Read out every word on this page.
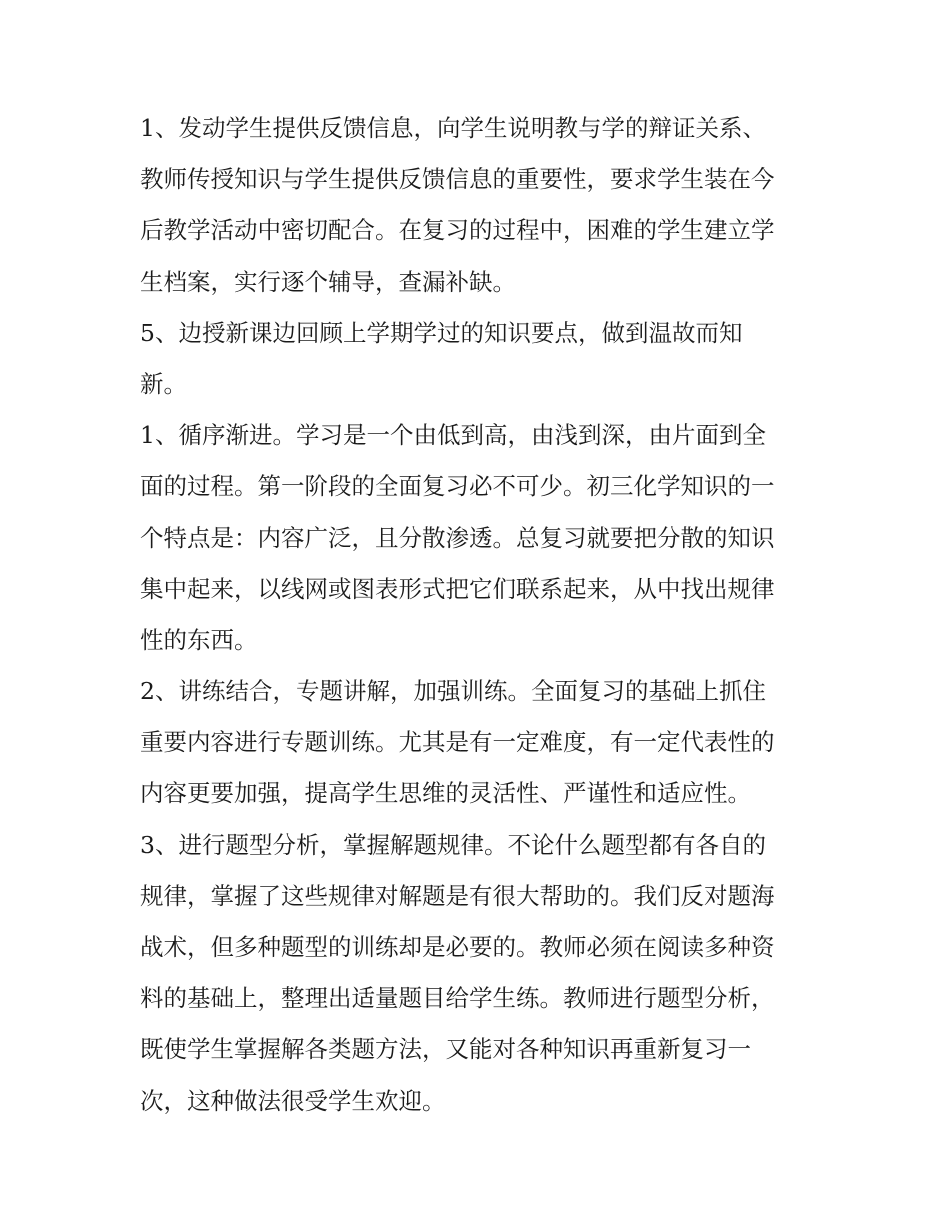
1、发动学生提供反馈信息，向学生说明教与学的辩证关系、
教师传授知识与学生提供反馈信息的重要性，要求学生装在今
后教学活动中密切配合。在复习的过程中，困难的学生建立学
生档案，实行逐个辅导，查漏补缺。

5、边授新课边回顾上学期学过的知识要点，做到温故而知
新。

1、循序渐进。学习是一个由低到高，由浅到深，由片面到全
面的过程。第一阶段的全面复习必不可少。初三化学知识的一
个特点是：内容广泛，且分散渗透。总复习就要把分散的知识
集中起来，以线网或图表形式把它们联系起来，从中找出规律
性的东西。

2、讲练结合，专题讲解，加强训练。全面复习的基础上抓住
重要内容进行专题训练。尤其是有一定难度，有一定代表性的
内容更要加强，提高学生思维的灵活性、严谨性和适应性。

3、进行题型分析，掌握解题规律。不论什么题型都有各自的
规律，掌握了这些规律对解题是有很大帮助的。我们反对题海
战术，但多种题型的训练却是必要的。教师必须在阅读多种资
料的基础上，整理出适量题目给学生练。教师进行题型分析，
既使学生掌握解各类题方法，又能对各种知识再重新复习一
次，这种做法很受学生欢迎。
